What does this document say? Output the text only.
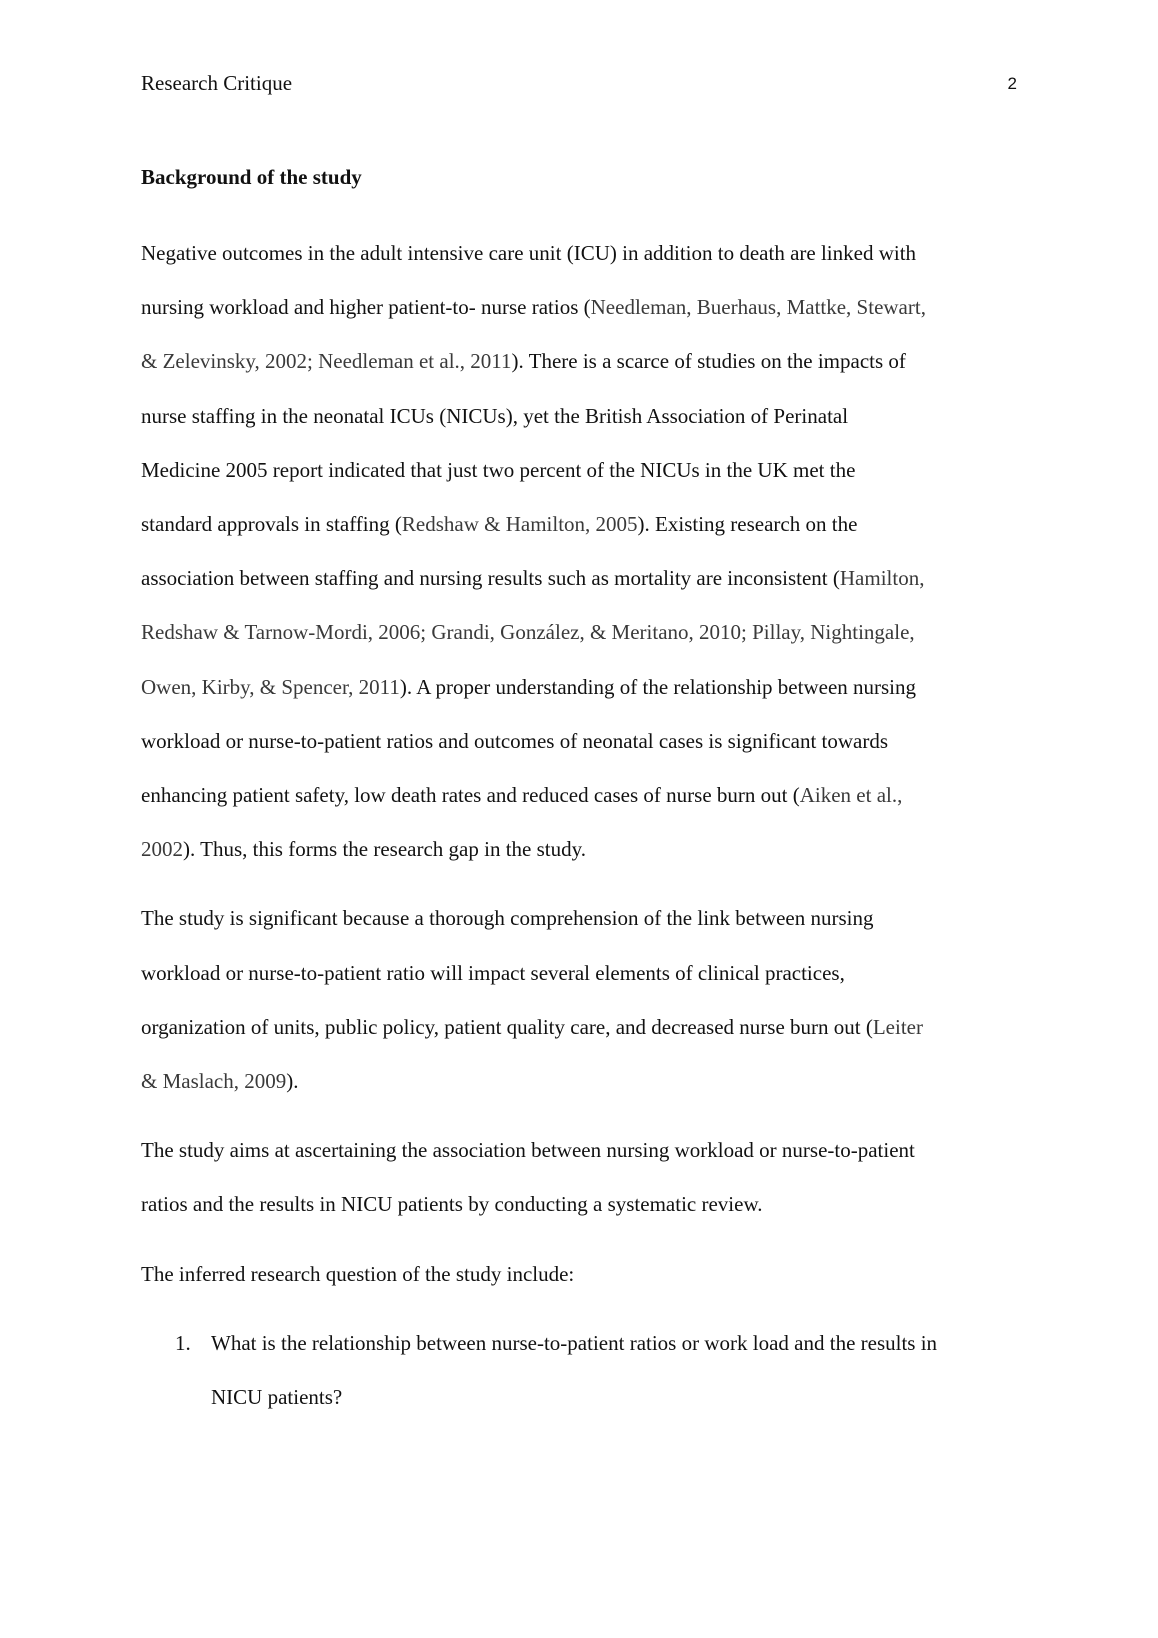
Research Critique	2
Background of the study
Negative outcomes in the adult intensive care unit (ICU) in addition to death are linked with
nursing workload and higher patient-to- nurse ratios (Needleman, Buerhaus, Mattke, Stewart,
& Zelevinsky, 2002; Needleman et al., 2011). There is a scarce of studies on the impacts of
nurse staffing in the neonatal ICUs (NICUs), yet the British Association of Perinatal
Medicine 2005 report indicated that just two percent of the NICUs in the UK met the
standard approvals in staffing (Redshaw & Hamilton, 2005). Existing research on the
association between staffing and nursing results such as mortality are inconsistent (Hamilton,
Redshaw & Tarnow-Mordi, 2006; Grandi, González, & Meritano, 2010; Pillay, Nightingale,
Owen, Kirby, & Spencer, 2011). A proper understanding of the relationship between nursing
workload or nurse-to-patient ratios and outcomes of neonatal cases is significant towards
enhancing patient safety, low death rates and reduced cases of nurse burn out (Aiken et al.,
2002). Thus, this forms the research gap in the study.
The study is significant because a thorough comprehension of the link between nursing
workload or nurse-to-patient ratio will impact several elements of clinical practices,
organization of units, public policy, patient quality care, and decreased nurse burn out (Leiter
& Maslach, 2009).
The study aims at ascertaining the association between nursing workload or nurse-to-patient
ratios and the results in NICU patients by conducting a systematic review.
The inferred research question of the study include:
1. What is the relationship between nurse-to-patient ratios or work load and the results in
NICU patients?
